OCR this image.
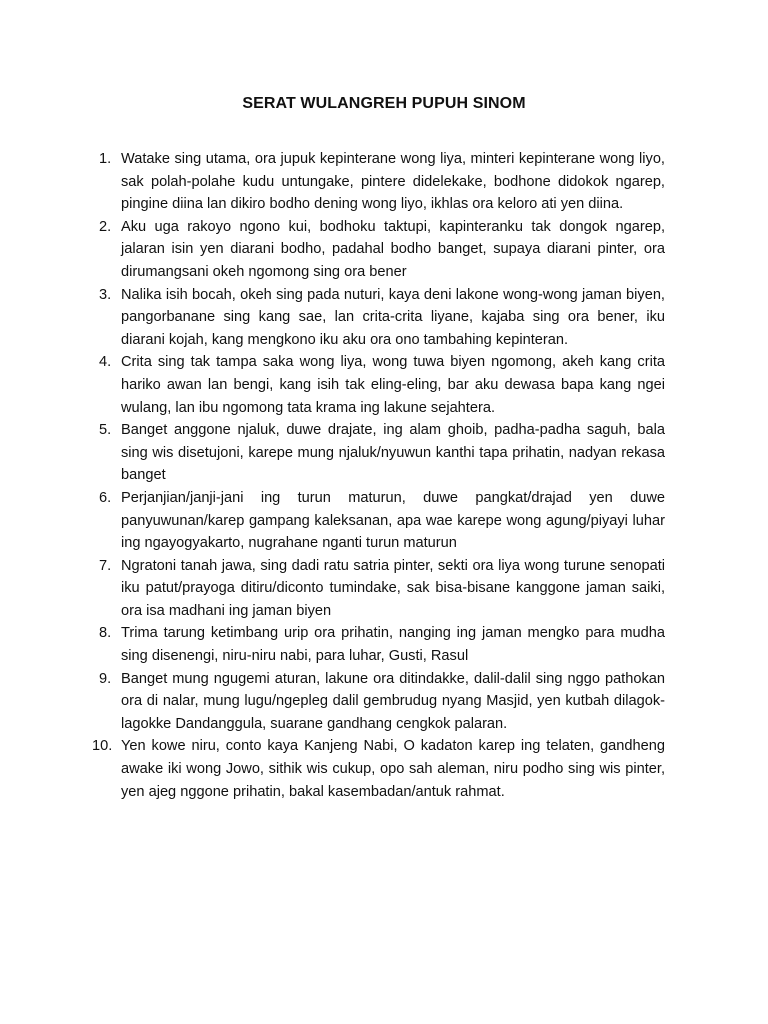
SERAT WULANGREH PUPUH SINOM
1. Watake sing utama, ora jupuk kepinterane wong liya, minteri kepinterane wong liyo, sak polah-polahe kudu untungake, pintere didelekake, bodhone didokok ngarep, pingine diina lan dikiro bodho dening wong liyo, ikhlas ora keloro ati yen diina.
2. Aku uga rakoyo ngono kui, bodhoku taktupi, kapinteranku tak dongok ngarep, jalaran isin yen diarani bodho, padahal bodho banget, supaya diarani pinter, ora dirumangsani okeh ngomong sing ora bener
3. Nalika isih bocah, okeh sing pada nuturi, kaya deni lakone wong-wong jaman biyen, pangorbanane sing kang sae, lan crita-crita liyane, kajaba sing ora bener, iku diarani kojah, kang mengkono iku aku ora ono tambahing kepinteran.
4. Crita sing tak tampa saka wong liya, wong tuwa biyen ngomong, akeh kang crita hariko awan lan bengi, kang isih tak eling-eling, bar aku dewasa bapa kang ngei wulang, lan ibu ngomong tata krama ing lakune sejahtera.
5. Banget anggone njaluk, duwe drajate, ing alam ghoib, padha-padha saguh, bala sing wis disetujoni, karepe mung njaluk/nyuwun kanthi tapa prihatin, nadyan rekasa banget
6. Perjanjian/janji-jani ing turun maturun, duwe pangkat/drajad yen duwe panyuwunan/karep gampang kaleksanan, apa wae karepe wong agung/piyayi luhar ing ngayogyakarto, nugrahane nganti turun maturun
7. Ngratoni tanah jawa, sing dadi ratu satria pinter, sekti ora liya wong turune senopati iku patut/prayoga ditiru/diconto tumindake, sak bisa-bisane kanggone jaman saiki, ora isa madhani ing jaman biyen
8. Trima tarung ketimbang urip ora prihatin, nanging ing jaman mengko para mudha sing disenengi, niru-niru nabi, para luhar, Gusti, Rasul
9. Banget mung ngugemi aturan, lakune ora ditindakke, dalil-dalil sing nggo pathokan ora di nalar, mung lugu/ngeplеg dalil gembrudug nyang Masjid, yen kutbah dilagok-lagokke Dandanggula, suarane gandhang cengkok palaran.
10. Yen kowe niru, conto kaya Kanjeng Nabi, O kadaton karep ing telaten, gandheng awake iki wong Jowo, sithik wis cukup, opo sah aleman, niru podho sing wis pinter, yen ajeg nggone prihatin, bakal kasembadan/antuk rahmat.
